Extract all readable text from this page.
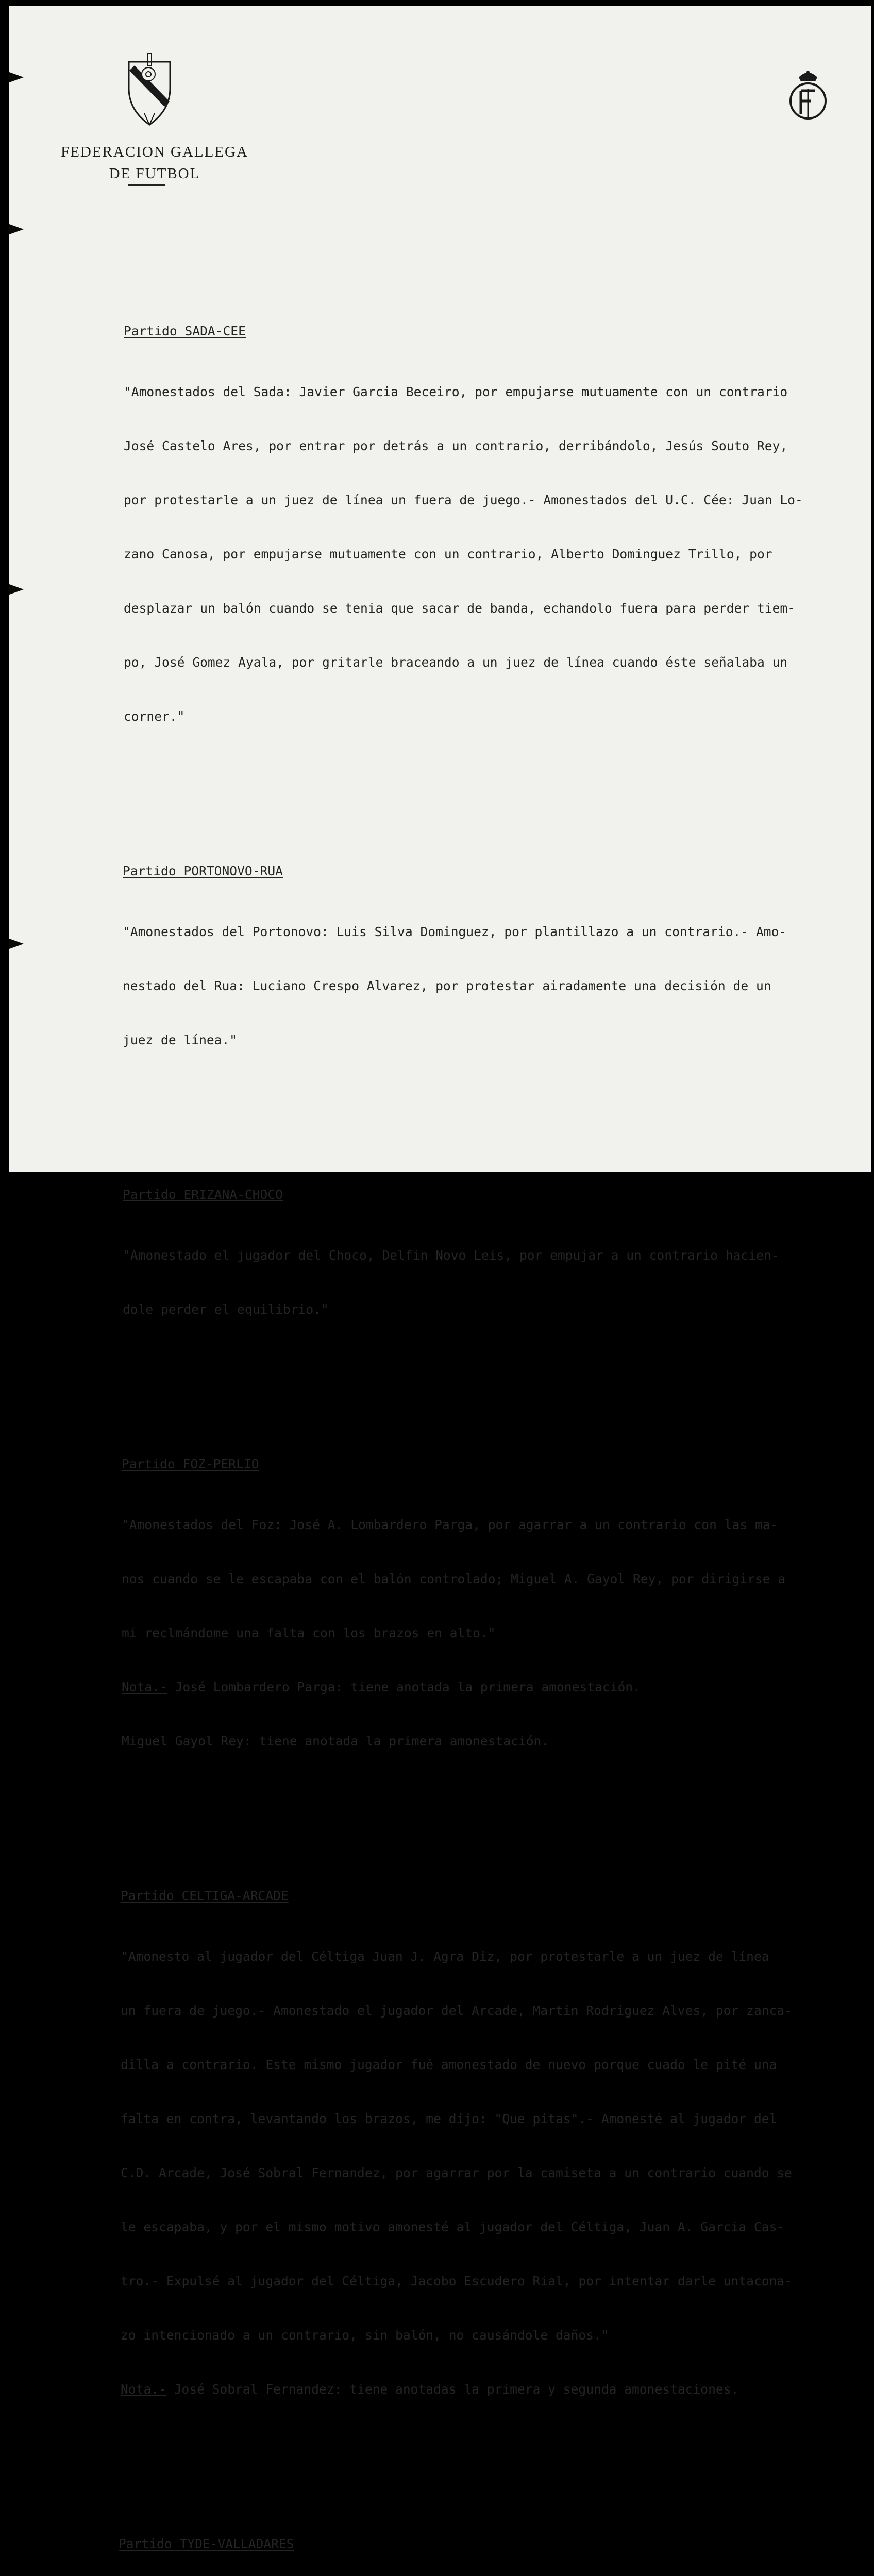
FEDERACION GALLEGA
DE FUTBOL

Partido SADA-CEE

"Amonestados del Sada: Javier Garcia Beceiro, por empujarse mutuamente con un contrario

José Castelo Ares, por entrar por detrás a un contrario, derribándolo, Jesús Souto Rey,

por protestarle a un juez de línea un fuera de juego.- Amonestados del U.C. Cée: Juan Lo-

zano Canosa, por empujarse mutuamente con un contrario, Alberto Dominguez Trillo, por

desplazar un balón cuando se tenia que sacar de banda, echandolo fuera para perder tiem-

po, José Gomez Ayala, por gritarle braceando a un juez de línea cuando éste señalaba un

corner."

Partido PORTONOVO-RUA

"Amonestados del Portonovo: Luis Silva Dominguez, por plantillazo a un contrario.- Amo-

nestado del Rua: Luciano Crespo Alvarez, por protestar airadamente una decisión de un

juez de línea."

Partido ERIZANA-CHOCO

"Amonestado el jugador del Choco, Delfin Novo Leis, por empujar a un contrario hacien-

dole perder el equilibrio."

Partido FOZ-PERLIO

"Amonestados del Foz: José A. Lombardero Parga, por agarrar a un contrario con las ma-

nos cuando se le escapaba con el balón controlado; Miguel A. Gayol Rey, por dirigirse a

mi reclmándome una falta con los brazos en alto."

Nota.- José Lombardero Parga: tiene anotada la primera amonestación.

Miguel Gayol Rey: tiene anotada la primera amonestación.

Partido CELTIGA-ARCADE

"Amonesto al jugador del Céltiga Juan J. Agra Diz, por protestarle a un juez de línea

un fuera de juego.- Amonestado el jugador del Arcade, Martin Rodriguez Alves, por zanca-

dilla a contrario. Este mismo jugador fué amonestado de nuevo porque cuado le pité una

falta en contra, levantando los brazos, me dijo: "Que pitas".- Amonesté al jugador del

C.D. Arcade, José Sobral Fernandez, por agarrar por la camiseta a un contrario cuando se

le escapaba, y por el mismo motivo amonesté al jugador del Céltiga, Juan A. Garcia Cas-

tro.- Expulsé al jugador del Céltiga, Jacobo Escudero Rial, por intentar darle untacona-

zo intencionado a un contrario, sin balón, no causándole daños."

Nota.- José Sobral Fernandez: tiene anotadas la primera y segunda amonestaciones.

Partido TYDE-VALLADARES
